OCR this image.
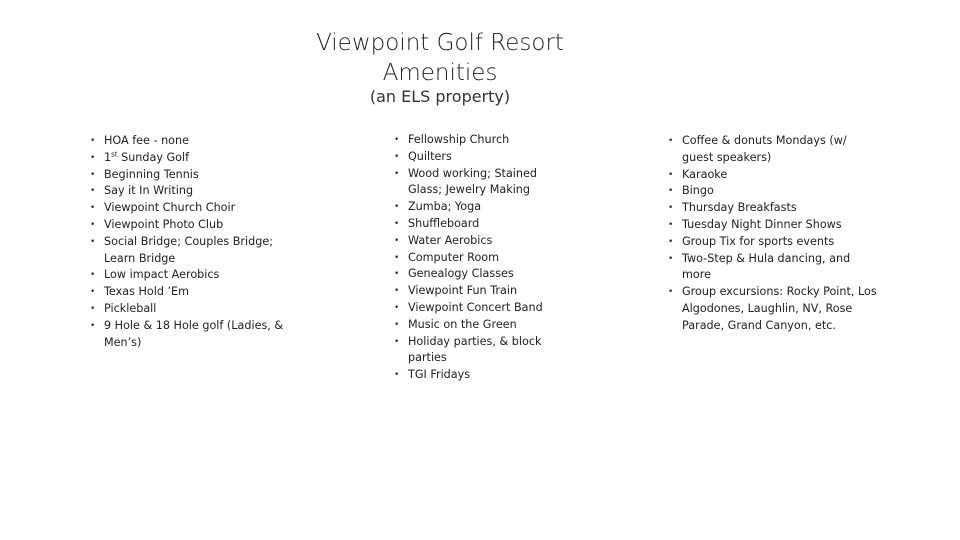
Viewpoint Golf Resort
Amenities
(an ELS property)
• HOA fee - none
• 1st Sunday Golf
• Beginning Tennis
• Say it In Writing
• Viewpoint Church Choir
• Viewpoint Photo Club
• Social Bridge; Couples Bridge; Learn Bridge
• Low impact Aerobics
• Texas Hold ’Em
• Pickleball
• 9 Hole & 18 Hole golf (Ladies, & Men’s)
• Fellowship Church
• Quilters
• Wood working; Stained Glass; Jewelry Making
• Zumba; Yoga
• Shuffleboard
• Water Aerobics
• Computer Room
• Genealogy Classes
• Viewpoint Fun Train
• Viewpoint Concert Band
• Music on the Green
• Holiday parties, & block parties
• TGI Fridays
• Coffee & donuts Mondays (w/ guest speakers)
• Karaoke
• Bingo
• Thursday Breakfasts
• Tuesday Night Dinner Shows
• Group Tix for sports events
• Two-Step & Hula dancing, and more
• Group excursions: Rocky Point, Los Algodones, Laughlin, NV, Rose Parade, Grand Canyon, etc.
